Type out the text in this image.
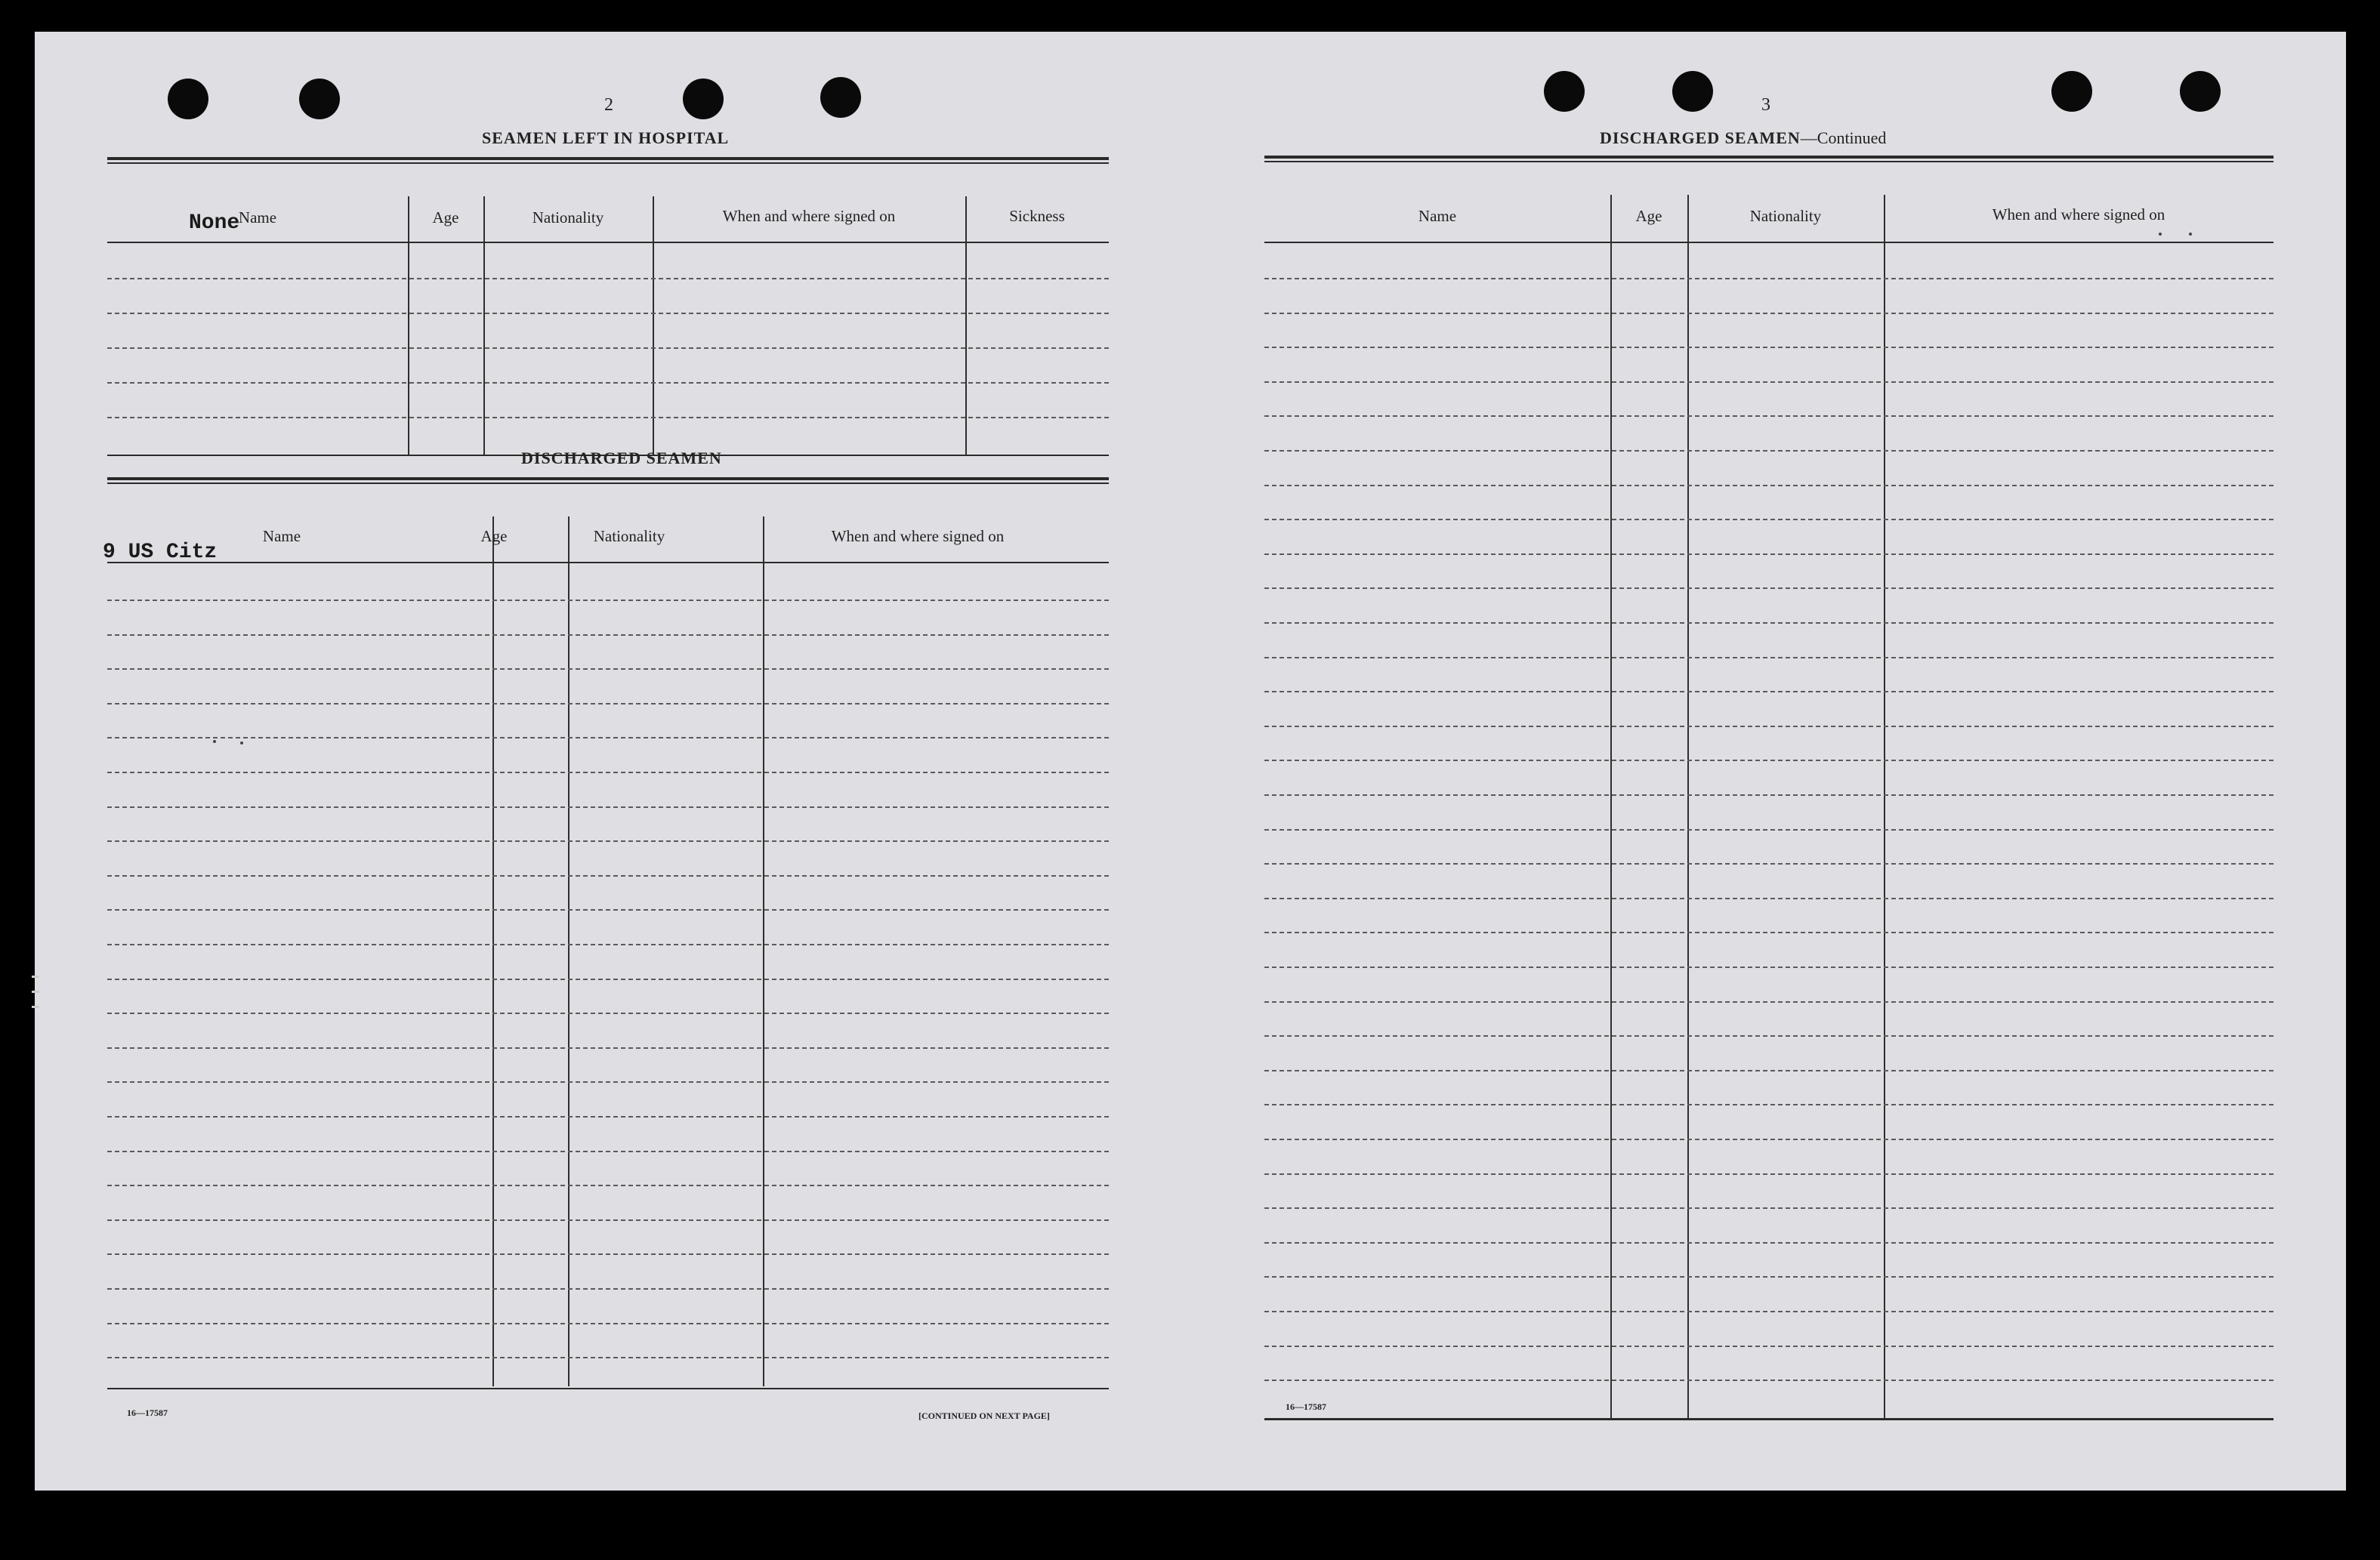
2
SEAMEN LEFT IN HOSPITAL
Name	Age	Nationality	When and where signed on	Sickness
None
DISCHARGED SEAMEN
Name	Age	Nationality	When and where signed on
9 US Citz
16—17587	[CONTINUED ON NEXT PAGE]
3
DISCHARGED SEAMEN—Continued
Name	Age	Nationality	When and where signed on
16—17587
